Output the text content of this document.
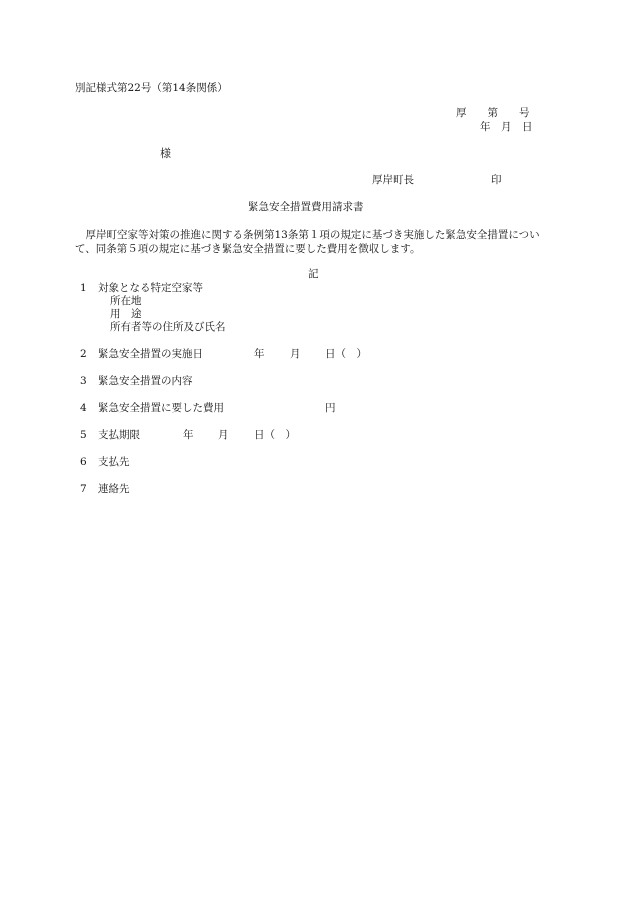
別記様式第22号（第14条関係）
厚　　第　　号
年　月　日
様
厚岸町長	印
緊急安全措置費用請求書
　厚岸町空家等対策の推進に関する条例第13条第１項の規定に基づき実施した緊急安全措置について、同条第５項の規定に基づき緊急安全措置に要した費用を徴収します。
記
1 対象となる特定空家等
所在地
用　途
所有者等の住所及び氏名
2 緊急安全措置の実施日	年 月 日（　）
3 緊急安全措置の内容
4 緊急安全措置に要した費用	円
5 支払期限	年 月 日（　）
6 支払先
7 連絡先
